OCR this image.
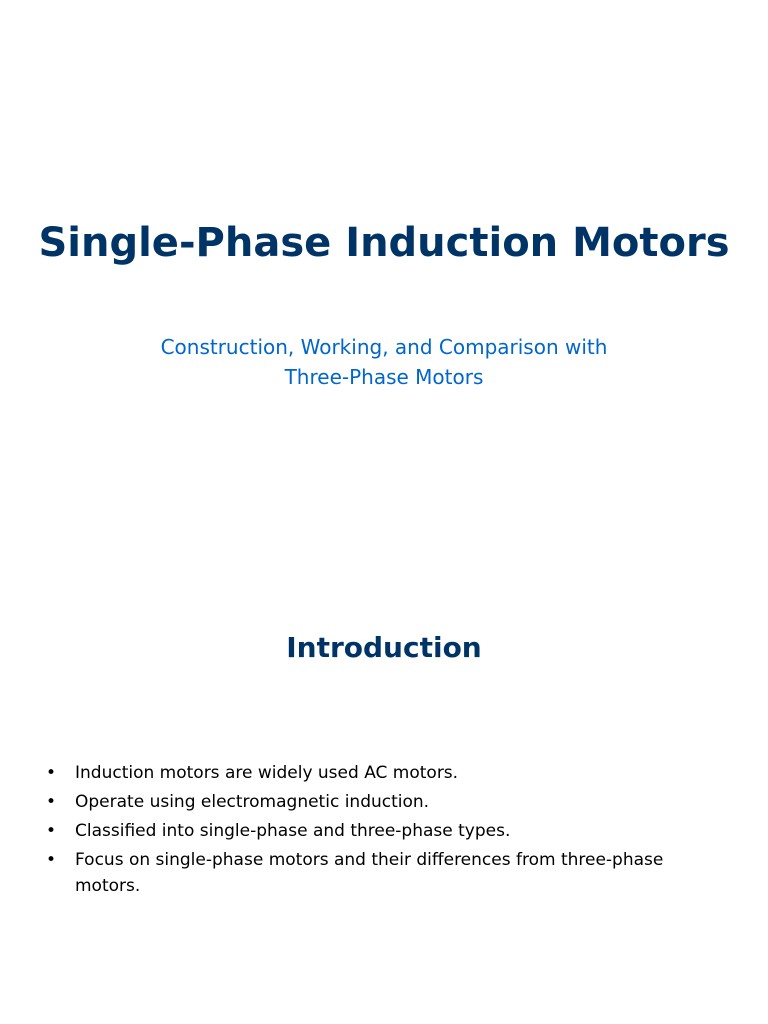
Single-Phase Induction Motors
Construction, Working, and Comparison with Three-Phase Motors
Introduction
• Induction motors are widely used AC motors.
• Operate using electromagnetic induction.
• Classified into single-phase and three-phase types.
• Focus on single-phase motors and their differences from three-phase motors.
